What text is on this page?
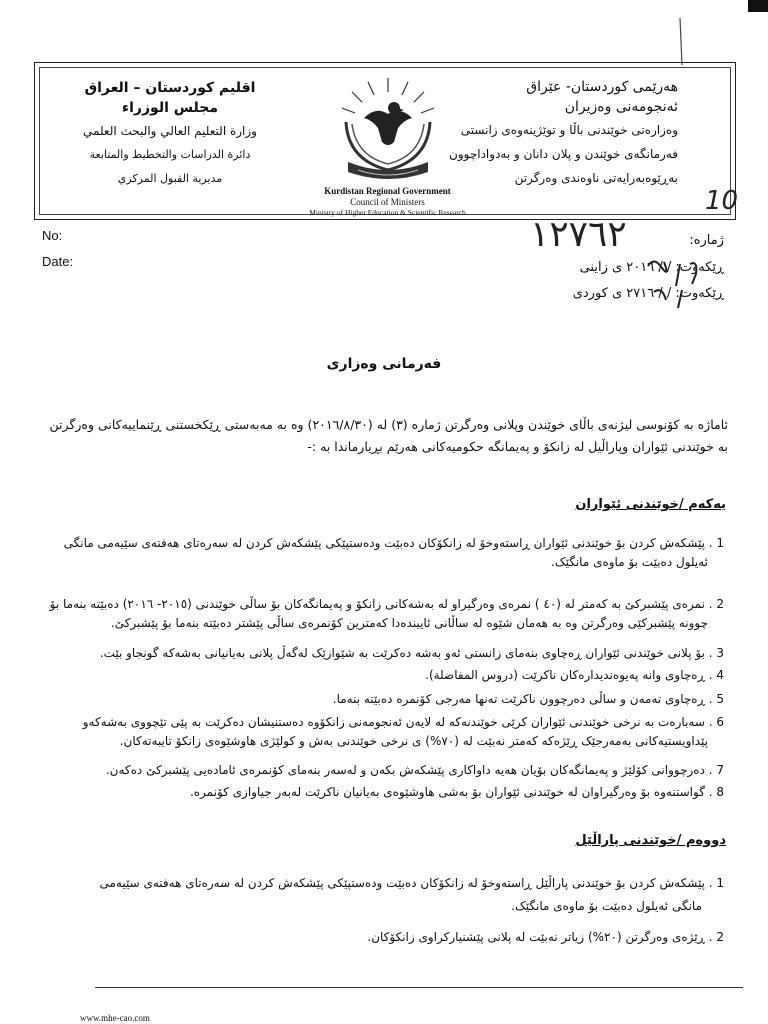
هەرێمی کوردستان- عێراق
ئەنجومەنی وەزیران
وەزارەتی خوێندنی باڵا و توێژینەوەی زانستی
فەرمانگەی خوێندن و پلان دانان و بەدواداچوون
بەڕێوەبەرایەتی ناوەندی وەرگرتن
اقليم كوردستان – العراق
مجلس الوزراء
وزارة التعليم العالي والبحث العلمي
دائرة الدراسات والتخطيط والمتابعة
مديرية القبول المركزي
Kurdistan Regional Government
Council of Ministers
Ministry of Higher Education & Scientific Research
No:
Date:
ژمارە:
١٢٧٦٢
10
ڕێکەوت: / / ٢٠١٦ ی زاینی
ڕێکەوت: / / ٢٧١٦ ی کوردی
فەرمانی وەزاری
ئاماژە بە کۆنوسی لیژنەی باڵای خوێندن وپلانی وەرگرتن ژمارە (٣) لە (٢٠١٦/٨/٣٠) وە بە مەبەستی ڕێکخستنی ڕێنماییەکانی وەرگرتن بە خوێندنی ئێواران وپاراڵیل لە زانکۆ و پەیمانگە حکومیەکانی هەرێم بڕیارماندا بە :-
یەکەم /خوێندنی ئێواران
1 . پێشکەش کردن بۆ خوێندنی ئێواران ڕاستەوخۆ لە زانکۆکان دەبێت ودەستپێکی پێشکەش کردن لە سەرەتای هەفتەی سێیەمی مانگی
ئەیلول دەبێت بۆ ماوەی مانگێک.
2 . نمرەی پێشبرکێ بە کەمتر لە (٤٠ ) نمرەی وەرگیراو لە بەشەکانی زانکۆ و پەیمانگەکان بۆ ساڵی خوێندنی (٢٠١٥- ٢٠١٦) دەبێتە بنەما بۆ
چوونە پێشبرکێی وەرگرتن وە بە هەمان شێوە لە ساڵانی ئاییندەدا کەمترین کۆنمرەی ساڵی پێشتر دەبێتە بنەما بۆ پێشبرکێ.
3 . بۆ پلانی خوێندنی ئێواران ڕەچاوی بنەمای زانستی ئەو بەشە دەکرێت بە شێوازێک لەگەڵ پلانی بەیانیانی بەشەکە گونجاو بێت.
4 . ڕەچاوی وانە پەیوەندیدارەکان ناکرێت (دروس المفاضلة).
5 . ڕەچاوی تەمەن و ساڵی دەرچوون ناکرێت تەنها مەرجی کۆنمرە دەبێتە بنەما.
6 . سەبارەت بە نرخی خوێندنی ئێواران کرێی خوێندنەکە لە لایەن ئەنجومەنی زانکۆوە دەستنیشان دەکرێت بە پێی تێچووی بەشەکەو
پێداویستیەکانی بەمەرجێک ڕێژەکە کەمتر نەبێت لە (٧٠%) ی نرخی خوێندنی بەش و کولێژی هاوشێوەی زانکۆ تایبەتەکان.
7 . دەرچووانی کۆلێژ و پەیمانگەکان بۆیان هەیە داواکاری پێشکەش بکەن و لەسەر بنەمای کۆنمرەی ئامادەیی پێشبرکێ دەکەن.
8 . گواستنەوە بۆ وەرگیراوان لە خوێندنی ئێواران بۆ بەشی هاوشێوەی بەیانیان ناکرێت لەبەر جیاوازی کۆنمرە.
دووەم /خوێندنی پاراڵێل
1 . پێشکەش کردن بۆ خوێندنی پاراڵێل ڕاستەوخۆ لە زانکۆکان دەبێت ودەستپێکی پێشکەش کردن لە سەرەتای هەفتەی سێیەمی
مانگی ئەیلول دەبێت بۆ ماوەی مانگێک.
2 . ڕێژەی وەرگرتن (٢٠%) زیاتر نەبێت لە پلانی پێشنیارکراوی زانکۆکان.
www.mhe-cao.com
